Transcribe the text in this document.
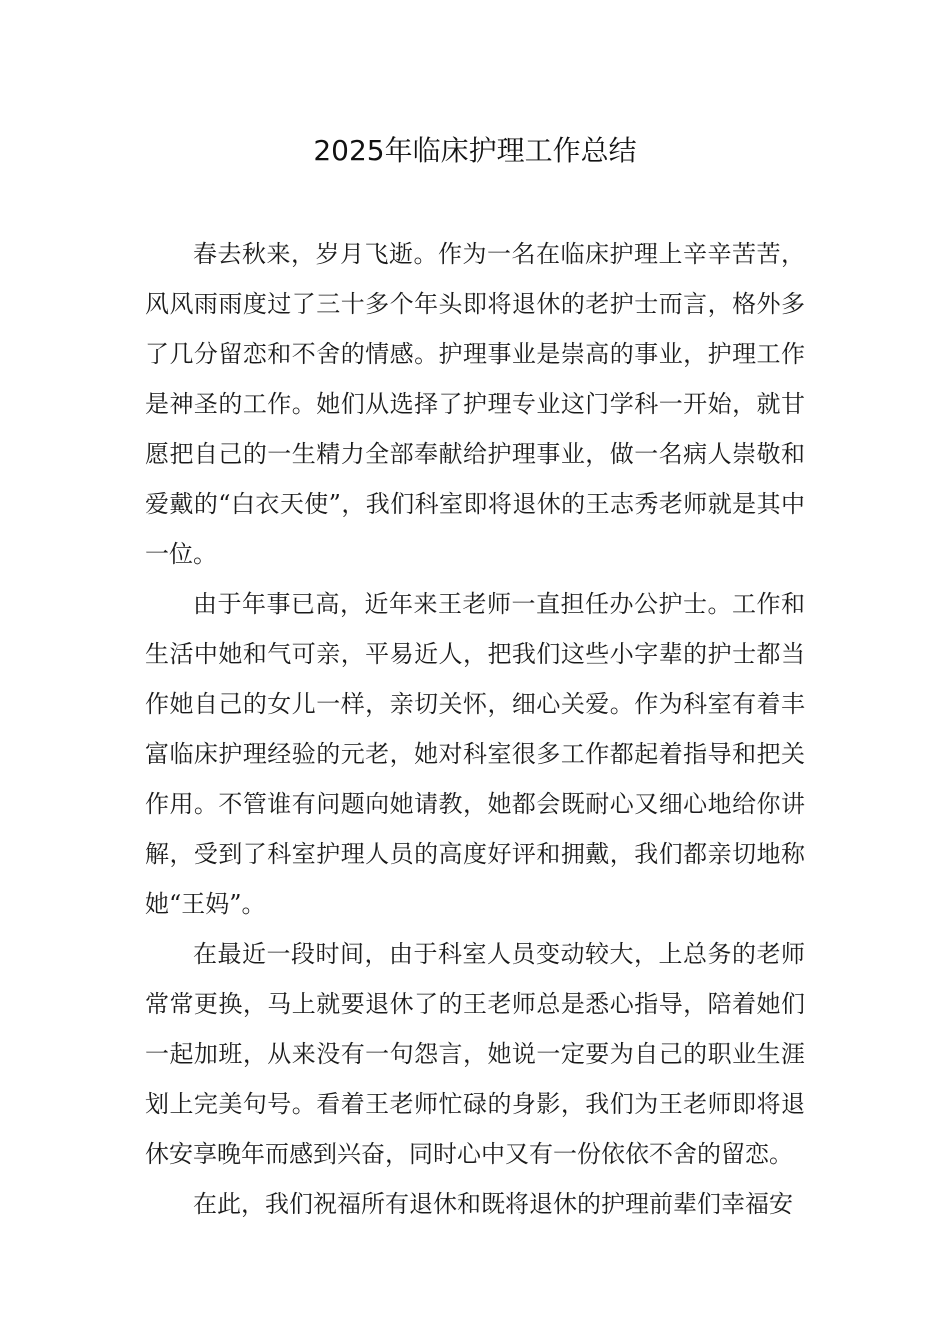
2025年临床护理工作总结

春去秋来，岁月飞逝。作为一名在临床护理上辛辛苦苦，风风雨雨度过了三十多个年头即将退休的老护士而言，格外多了几分留恋和不舍的情感。护理事业是崇高的事业，护理工作是神圣的工作。她们从选择了护理专业这门学科一开始，就甘愿把自己的一生精力全部奉献给护理事业，做一名病人崇敬和爱戴的“白衣天使”，我们科室即将退休的王志秀老师就是其中一位。

由于年事已高，近年来王老师一直担任办公护士。工作和生活中她和气可亲，平易近人，把我们这些小字辈的护士都当作她自己的女儿一样，亲切关怀，细心关爱。作为科室有着丰富临床护理经验的元老，她对科室很多工作都起着指导和把关作用。不管谁有问题向她请教，她都会既耐心又细心地给你讲解，受到了科室护理人员的高度好评和拥戴，我们都亲切地称她“王妈”。

在最近一段时间，由于科室人员变动较大，上总务的老师常常更换，马上就要退休了的王老师总是悉心指导，陪着她们一起加班，从来没有一句怨言，她说一定要为自己的职业生涯划上完美句号。看着王老师忙碌的身影，我们为王老师即将退休安享晚年而感到兴奋，同时心中又有一份依依不舍的留恋。

在此，我们祝福所有退休和既将退休的护理前辈们幸福安
